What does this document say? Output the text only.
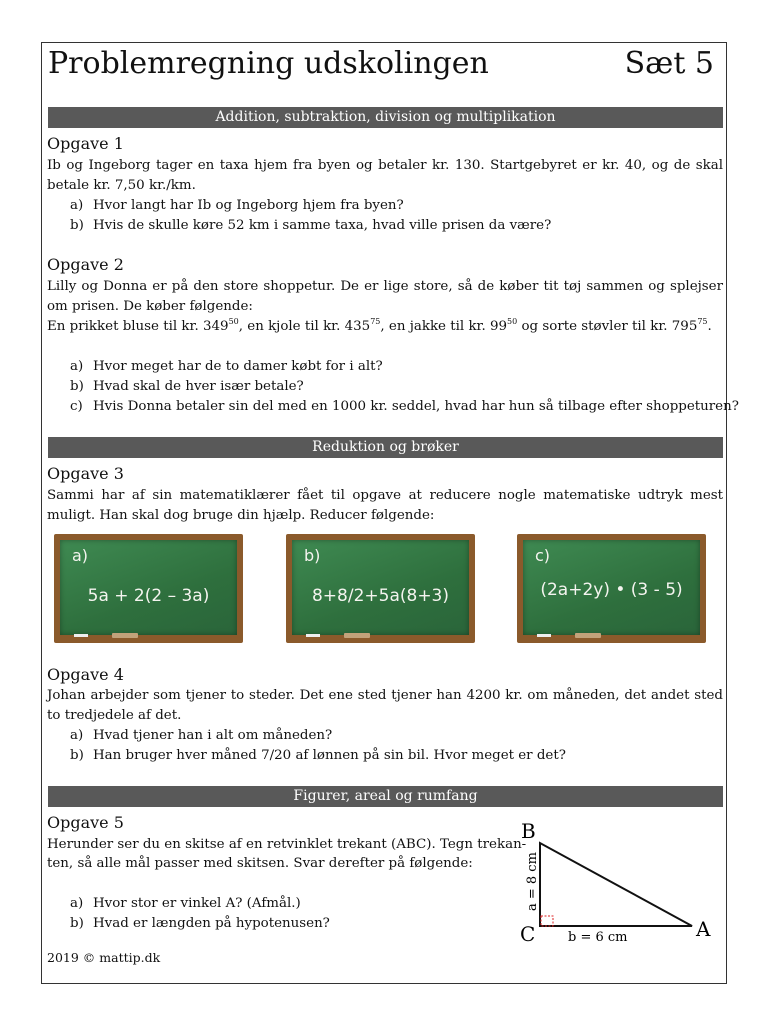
Problemregning udskolingen	Sæt 5
Addition, subtraktion, division og multiplikation
Opgave 1
Ib og Ingeborg tager en taxa hjem fra byen og betaler kr. 130. Startgebyret er kr. 40, og de skal betale kr. 7,50 kr./km.
a) Hvor langt har Ib og Ingeborg hjem fra byen?
b) Hvis de skulle køre 52 km i samme taxa, hvad ville prisen da være?
Opgave 2
Lilly og Donna er på den store shoppetur. De er lige store, så de køber tit tøj sammen og splejser om prisen. De køber følgende:
En prikket bluse til kr. $349^{50}$, en kjole til kr. $435^{75}$, en jakke til kr. $99^{50}$ og sorte støvler til kr. $795^{75}$.
a) Hvor meget har de to damer købt for i alt?
b) Hvad skal de hver især betale?
c) Hvis Donna betaler sin del med en 1000 kr. seddel, hvad har hun så tilbage efter shoppeturen?
Reduktion og brøker
Opgave 3
Sammi har af sin matematiklærer fået til opgave at reducere nogle matematiske udtryk mest muligt. Han skal dog bruge din hjælp. Reducer følgende:
a)
5a + 2(2 – 3a)
b)
8+8/2+5a(8+3)
c)
(2a+2y) • (3 - 5)
Opgave 4
Johan arbejder som tjener to steder. Det ene sted tjener han 4200 kr. om måneden, det andet sted to tredjedele af det.
a) Hvad tjener han i alt om måneden?
b) Han bruger hver måned 7/20 af lønnen på sin bil. Hvor meget er det?
Figurer, areal og rumfang
Opgave 5
Herunder ser du en skitse af en retvinklet trekant (ABC). Tegn trekan-
ten, så alle mål passer med skitsen. Svar derefter på følgende:
a) Hvor stor er vinkel A? (Afmål.)
b) Hvad er længden på hypotenusen?
B
C	A
a = 8 cm
b = 6 cm
2019 © mattip.dk
